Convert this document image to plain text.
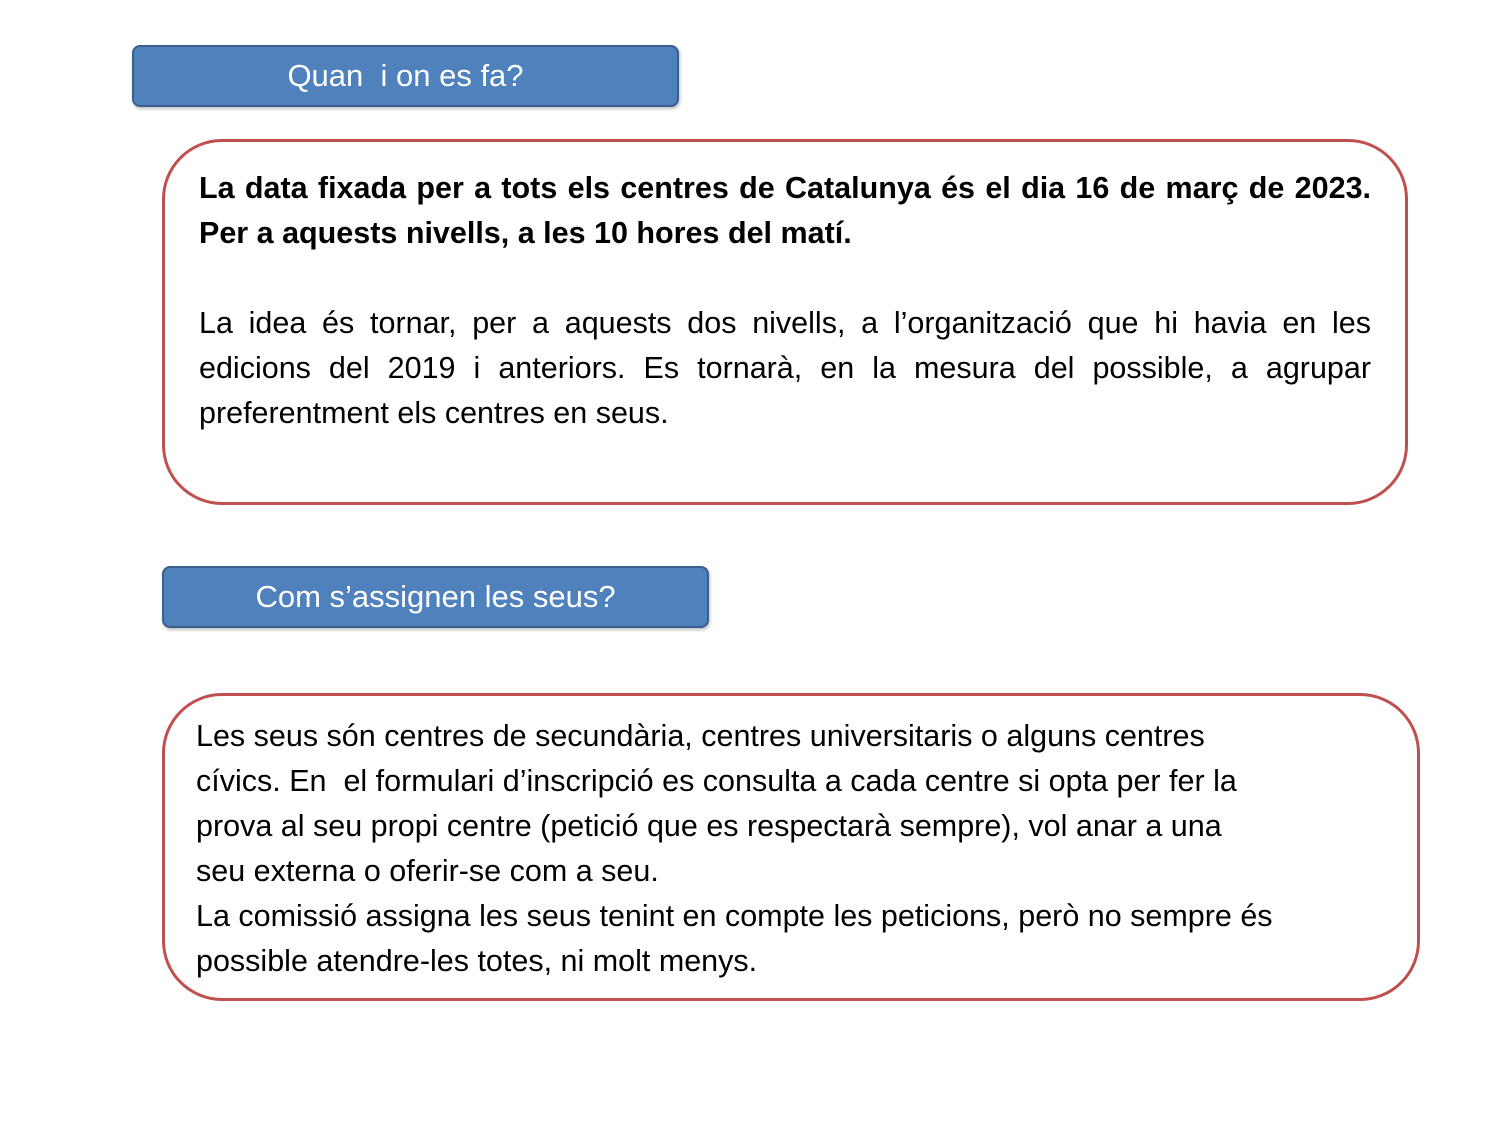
Quan  i on es fa?

La data fixada per a tots els centres de Catalunya és el dia 16 de març de 2023. Per a aquests nivells, a les 10 hores del matí.

La idea és tornar, per a aquests dos nivells, a l’organització que hi havia en les edicions del 2019 i anteriors. Es tornarà, en la mesura del possible, a agrupar preferentment els centres en seus.

Com s’assignen les seus?
Les seus són centres de secundària, centres universitaris o alguns centres
cívics. En  el formulari d’inscripció es consulta a cada centre si opta per fer la
prova al seu propi centre (petició que es respectarà sempre), vol anar a una
seu externa o oferir-se com a seu.
La comissió assigna les seus tenint en compte les peticions, però no sempre és
possible atendre-les totes, ni molt menys.
